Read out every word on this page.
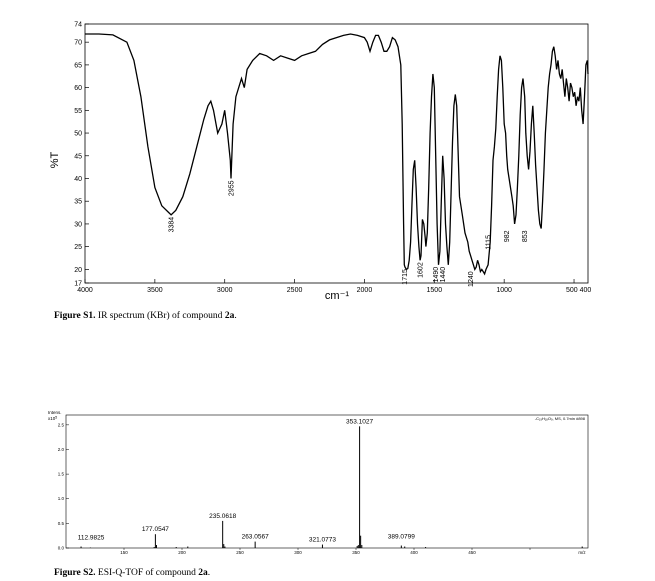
17
20
25
30
35
40
45
50
55
60
65
70
74
4000	3500	3000	2500	2000	1500	1000	500 400
3384
2955
1715 1602 1490 1440	1240
1115 982 853
%T
cm⁻¹
Figure S1. IR spectrum (KBr) of compound 2a.
Intens.
$x10^5$	-C₁₉H₁₈O₉, MS, 0.7min #898
0.0
0.5
1.0
1.5
2.0
2.5
150	200	250	300	350	400	450	m/z
112.9825
177.0547
235.0618
263.0567	321.0773
353.1027
389.0799
Figure S2. ESI-Q-TOF of compound 2a.
